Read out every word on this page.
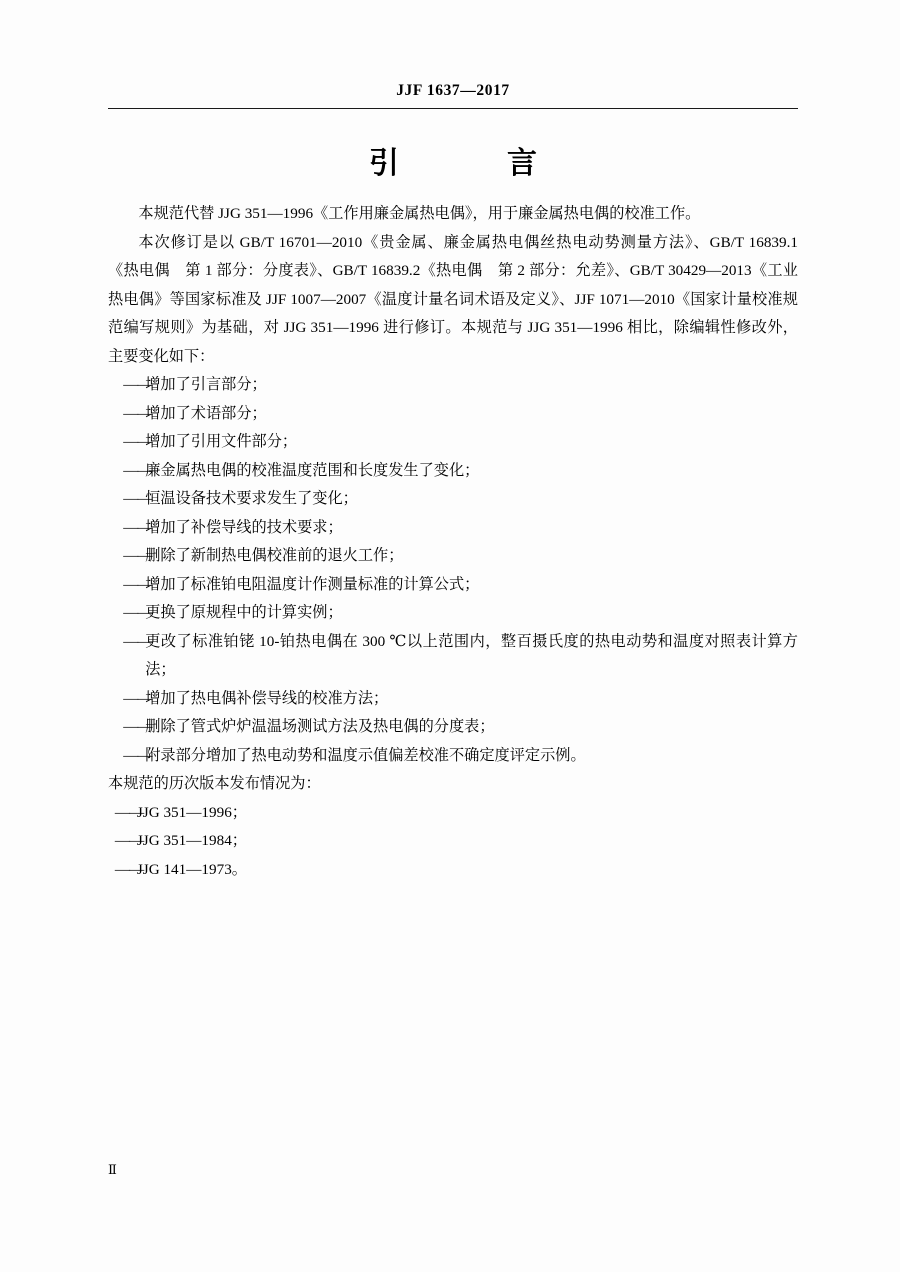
JJF 1637—2017
引　　言

本规范代替 JJG 351—1996《工作用廉金属热电偶》，用于廉金属热电偶的校准工作。

本次修订是以 GB/T 16701—2010《贵金属、廉金属热电偶丝热电动势测量方法》、GB/T 16839.1《热电偶　第 1 部分：分度表》、GB/T 16839.2《热电偶　第 2 部分：允差》、GB/T 30429—2013《工业热电偶》等国家标准及 JJF 1007—2007《温度计量名词术语及定义》、JJF 1071—2010《国家计量校准规范编写规则》为基础，对 JJG 351—1996 进行修订。本规范与 JJG 351—1996 相比，除编辑性修改外，主要变化如下：

——
增加了引言部分；
——
增加了术语部分；
——
增加了引用文件部分；
——
廉金属热电偶的校准温度范围和长度发生了变化；
——
恒温设备技术要求发生了变化；
——
增加了补偿导线的技术要求；
——
删除了新制热电偶校准前的退火工作；
——
增加了标准铂电阻温度计作测量标准的计算公式；
——
更换了原规程中的计算实例；
——
更改了标准铂铑 10-铂热电偶在 300 ℃以上范围内，整百摄氏度的热电动势和温度对照表计算方法；
——
增加了热电偶补偿导线的校准方法；
——
删除了管式炉炉温温场测试方法及热电偶的分度表；
——
附录部分增加了热电动势和温度示值偏差校准不确定度评定示例。

本规范的历次版本发布情况为：

——
JJG 351—1996；
——
JJG 351—1984；
——
JJG 141—1973。
Ⅱ
